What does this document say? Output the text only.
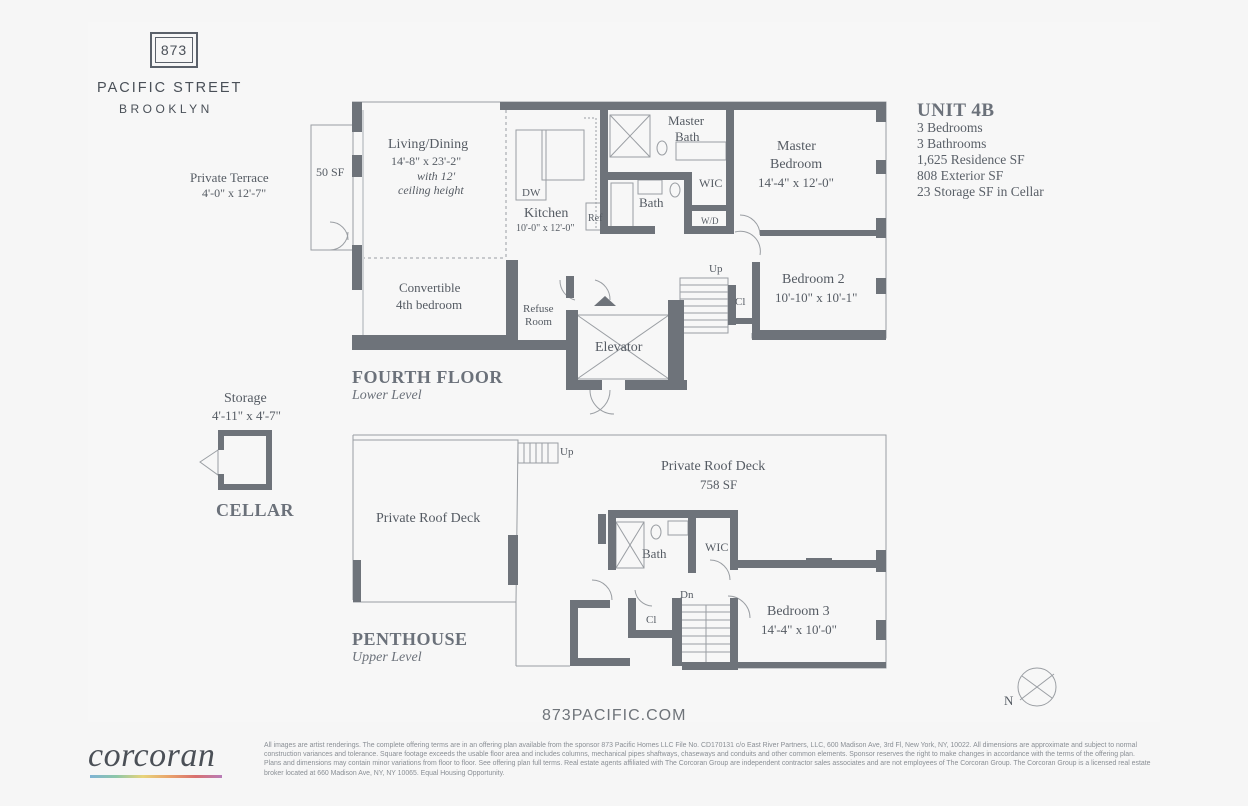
873
PACIFIC STREET
BROOKLYN	UNIT 4B
3 Bedrooms
3 Bathrooms
1,625 Residence SF
808 Exterior SF
23 Storage SF in Cellar
Private Terrace
4'-0" x 12'-7"
50 SF
Living/Dining
14'-8" x 23'-2"
with 12'
ceiling height	DW
Kitchen
10'-0" x 12'-0"
Ref
Convertible
4th bedroom	Refuse
Room
Elevator
Bath
Master
Bath
WIC
W/D
Master
Bedroom
14'-4" x 12'-0"
Bedroom 2
10'-10" x 10'-1"
Cl
Up
FOURTH FLOOR
Lower Level
Storage
4'-11" x 4'-7"
CELLAR
Up
Private Roof Deck
758 SF
Private Roof Deck
Bath	WIC
Dn
Cl
Bedroom 3
14'-4" x 10'-0"
PENTHOUSE
Upper Level
N
873PACIFIC.COM
corcoran	All images are artist renderings. The complete offering terms are in an offering plan available from the sponsor 873 Pacific Homes LLC File No. CD170131 c/o East River Partners, LLC, 600 Madison Ave, 3rd Fl, New York, NY, 10022. All dimensions are approximate and subject to normal construction variances and tolerance. Square footage exceeds the usable floor area and includes columns, mechanical pipes shaftways, chaseways and conduits and other common elements. Sponsor reserves the right to make changes in accordance with the terms of the offering plan. Plans and dimensions may contain minor variations from floor to floor. See offering plan full terms. Real estate agents affiliated with The Corcoran Group are independent contractor sales associates and are not employees of The Corcoran Group. The Corcoran Group is a licensed real estate broker located at 660 Madison Ave, NY, NY 10065. Equal Housing Opportunity.
